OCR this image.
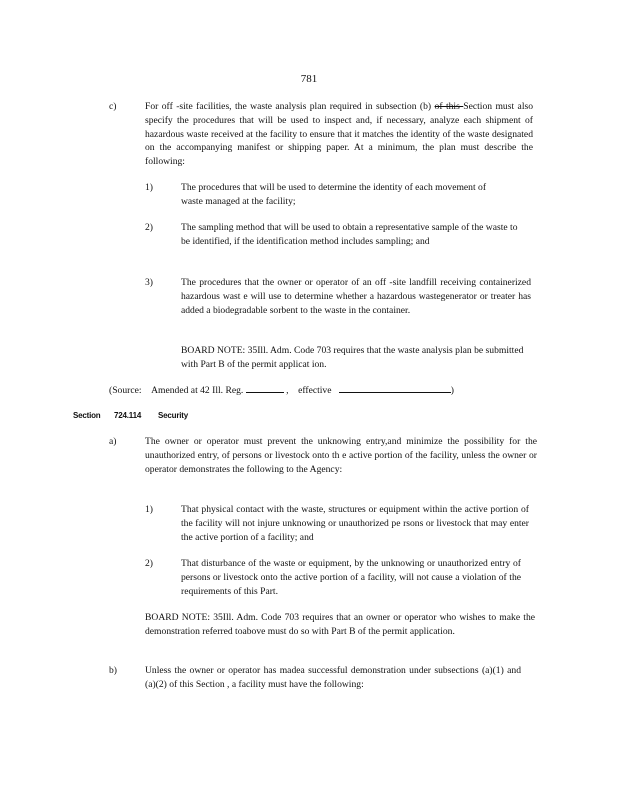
781
c)	For off -site facilities, the waste analysis plan required in subsection (b) of this Section must also specify the procedures that will be used to inspect and, if necessary, analyze each shipment of hazardous waste received at the facility to ensure that it matches the identity of the waste designated on the accompanying manifest or shipping paper. At a minimum, the plan must describe the following:
1)	The procedures that will be used to determine the identity of each movement of waste managed at the facility;
2)	The sampling method that will be used to obtain a representative sample of the waste to be identified, if the identification method includes sampling; and
3)	The procedures that the owner or operator of an off -site landfill receiving containerized hazardous wast e will use to determine whether a hazardous wastegenerator or treater has added a biodegradable sorbent to the waste in the container.
BOARD NOTE: 35Ill. Adm. Code 703 requires that the waste analysis plan be submitted with Part B of the permit applicat ion.
(Source: Amended at 42 Ill. Reg.	, effective	)
Section 724.114 Security
a)	The owner or operator must prevent the unknowing entry,and minimize the possibility for the unauthorized entry, of persons or livestock onto th e active portion of the facility, unless the owner or operator demonstrates the following to the Agency:
1)	That physical contact with the waste, structures or equipment within the active portion of the facility will not injure unknowing or unauthorized pe rsons or livestock that may enter the active portion of a facility; and
2)	That disturbance of the waste or equipment, by the unknowing or unauthorized entry of persons or livestock onto the active portion of a facility, will not cause a violation of the requirements of this Part.
BOARD NOTE: 35Ill. Adm. Code 703 requires that an owner or operator who wishes to make the demonstration referred toabove must do so with Part B of the permit application.
b)	Unless the owner or operator has madea successful demonstration under subsections (a)(1) and (a)(2) of this Section , a facility must have the following:
